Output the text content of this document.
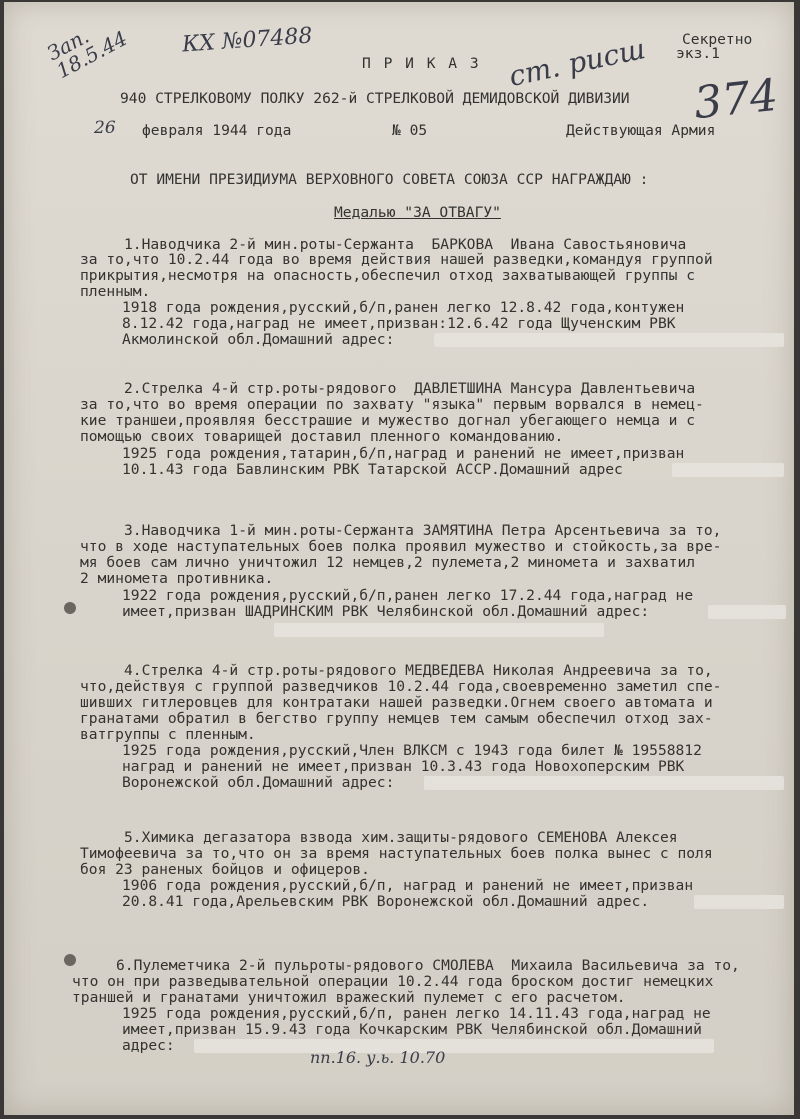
Зап. 18.5.44 КХ №07488	ст. рисш
374
Секретно
экз.1
П Р И К А З
940 СТРЕЛКОВОМУ ПОЛКУ 262-й СТРЕЛКОВОЙ ДЕМИДОВСКОЙ ДИВИЗИИ
26 февраля 1944 года	№ 05	Действующая Армия
ОТ ИМЕНИ ПРЕЗИДИУМА ВЕРХОВНОГО СОВЕТА СОЮЗА ССР НАГРАЖДАЮ :
Медалью "ЗА ОТВАГУ"
1.Наводчика 2-й мин.роты-Сержанта  БАРКОВА  Ивана Савостьяновича
за то,что 10.2.44 года во время действия нашей разведки,командуя группой
прикрытия,несмотря на опасность,обеспечил отход захватывающей группы с
пленным.
1918 года рождения,русский,б/п,ранен легко 12.8.42 года,контужен
8.12.42 года,наград не имеет,призван:12.6.42 года Щученским РВК
Акмолинской обл.Домашний адрес:
2.Стрелка 4-й стр.роты-рядового  ДАВЛЕТШИНА Мансура Давлентьевича
за то,что во время операции по захвату "языка" первым ворвался в немец-
кие траншеи,проявляя бесстрашие и мужество догнал убегающего немца и с
помощью своих товарищей доставил пленного командованию.
1925 года рождения,татарин,б/п,наград и ранений не имеет,призван
10.1.43 года Бавлинским РВК Татарской АССР.Домашний адрес
3.Наводчика 1-й мин.роты-Сержанта ЗАМЯТИНА Петра Арсентьевича за то,
что в ходе наступательных боев полка проявил мужество и стойкость,за вре-
мя боев сам лично уничтожил 12 немцев,2 пулемета,2 миномета и захватил
2 миномета противника.
1922 года рождения,русский,б/п,ранен легко 17.2.44 года,наград не
имеет,призван ШАДРИНСКИМ РВК Челябинской обл.Домашний адрес:
4.Стрелка 4-й стр.роты-рядового МЕДВЕДЕВА Николая Андреевича за то,
что,действуя с группой разведчиков 10.2.44 года,своевременно заметил спе-
шивших гитлеровцев для контратаки нашей разведки.Огнем своего автомата и
гранатами обратил в бегство группу немцев тем самым обеспечил отход зах-
ватгруппы с пленным.
1925 года рождения,русский,Член ВЛКСМ с 1943 года билет № 19558812
наград и ранений не имеет,призван 10.3.43 года Новохоперским РВК
Воронежской обл.Домашний адрес:
5.Химика дегазатора взвода хим.защиты-рядового СЕМЕНОВА Алексея
Тимофеевича за то,что он за время наступательных боев полка вынес с поля
боя 23 раненых бойцов и офицеров.
1906 года рождения,русский,б/п, наград и ранений не имеет,призван
20.8.41 года,Арельевским РВК Воронежской обл.Домашний адрес.
6.Пулеметчика 2-й пульроты-рядового СМОЛЕВА  Михаила Васильевича за то,
что он при разведывательной операции 10.2.44 года броском достиг немецких
траншей и гранатами уничтожил вражеский пулемет с его расчетом.
1925 года рождения,русский,б/п, ранен легко 14.11.43 года,наград не
имеет,призван 15.9.43 года Кочкарским РВК Челябинской обл.Домашний
адрес:
пп.16. у.ь. 10.70
